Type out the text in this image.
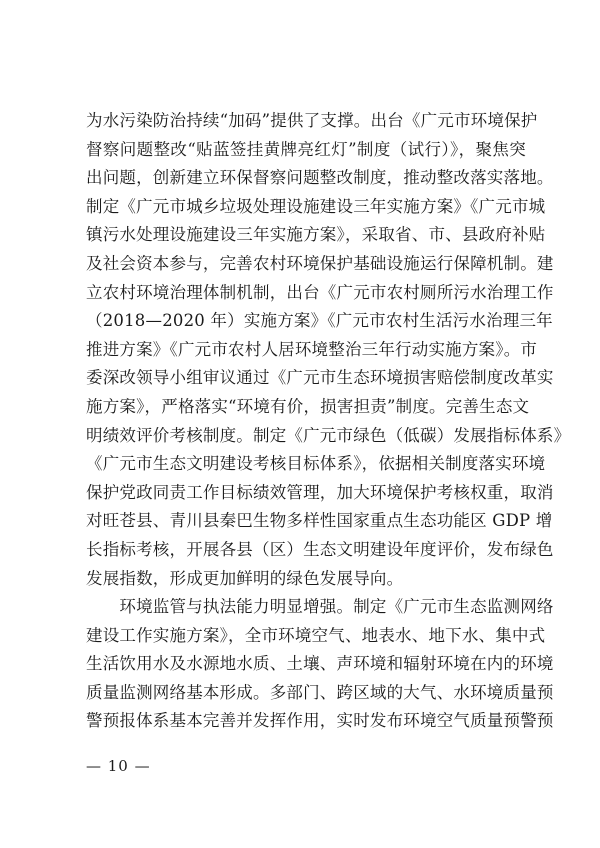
为水污染防治持续“加码”提供了支撑。出台《广元市环境保护
督察问题整改“贴蓝签挂黄牌亮红灯”制度（试行）》，聚焦突
出问题，创新建立环保督察问题整改制度，推动整改落实落地。
制定《广元市城乡垃圾处理设施建设三年实施方案》《广元市城
镇污水处理设施建设三年实施方案》，采取省、市、县政府补贴
及社会资本参与，完善农村环境保护基础设施运行保障机制。建
立农村环境治理体制机制，出台《广元市农村厕所污水治理工作
（2018—2020 年）实施方案》《广元市农村生活污水治理三年
推进方案》《广元市农村人居环境整治三年行动实施方案》。市
委深改领导小组审议通过《广元市生态环境损害赔偿制度改革实
施方案》，严格落实“环境有价，损害担责”制度。完善生态文
明绩效评价考核制度。制定《广元市绿色（低碳）发展指标体系》
《广元市生态文明建设考核目标体系》，依据相关制度落实环境
保护党政同责工作目标绩效管理，加大环境保护考核权重，取消
对旺苍县、青川县秦巴生物多样性国家重点生态功能区 GDP 增
长指标考核，开展各县（区）生态文明建设年度评价，发布绿色
发展指数，形成更加鲜明的绿色发展导向。
　　环境监管与执法能力明显增强。制定《广元市生态监测网络
建设工作实施方案》，全市环境空气、地表水、地下水、集中式
生活饮用水及水源地水质、土壤、声环境和辐射环境在内的环境
质量监测网络基本形成。多部门、跨区域的大气、水环境质量预
警预报体系基本完善并发挥作用，实时发布环境空气质量预警预
— 10 —
